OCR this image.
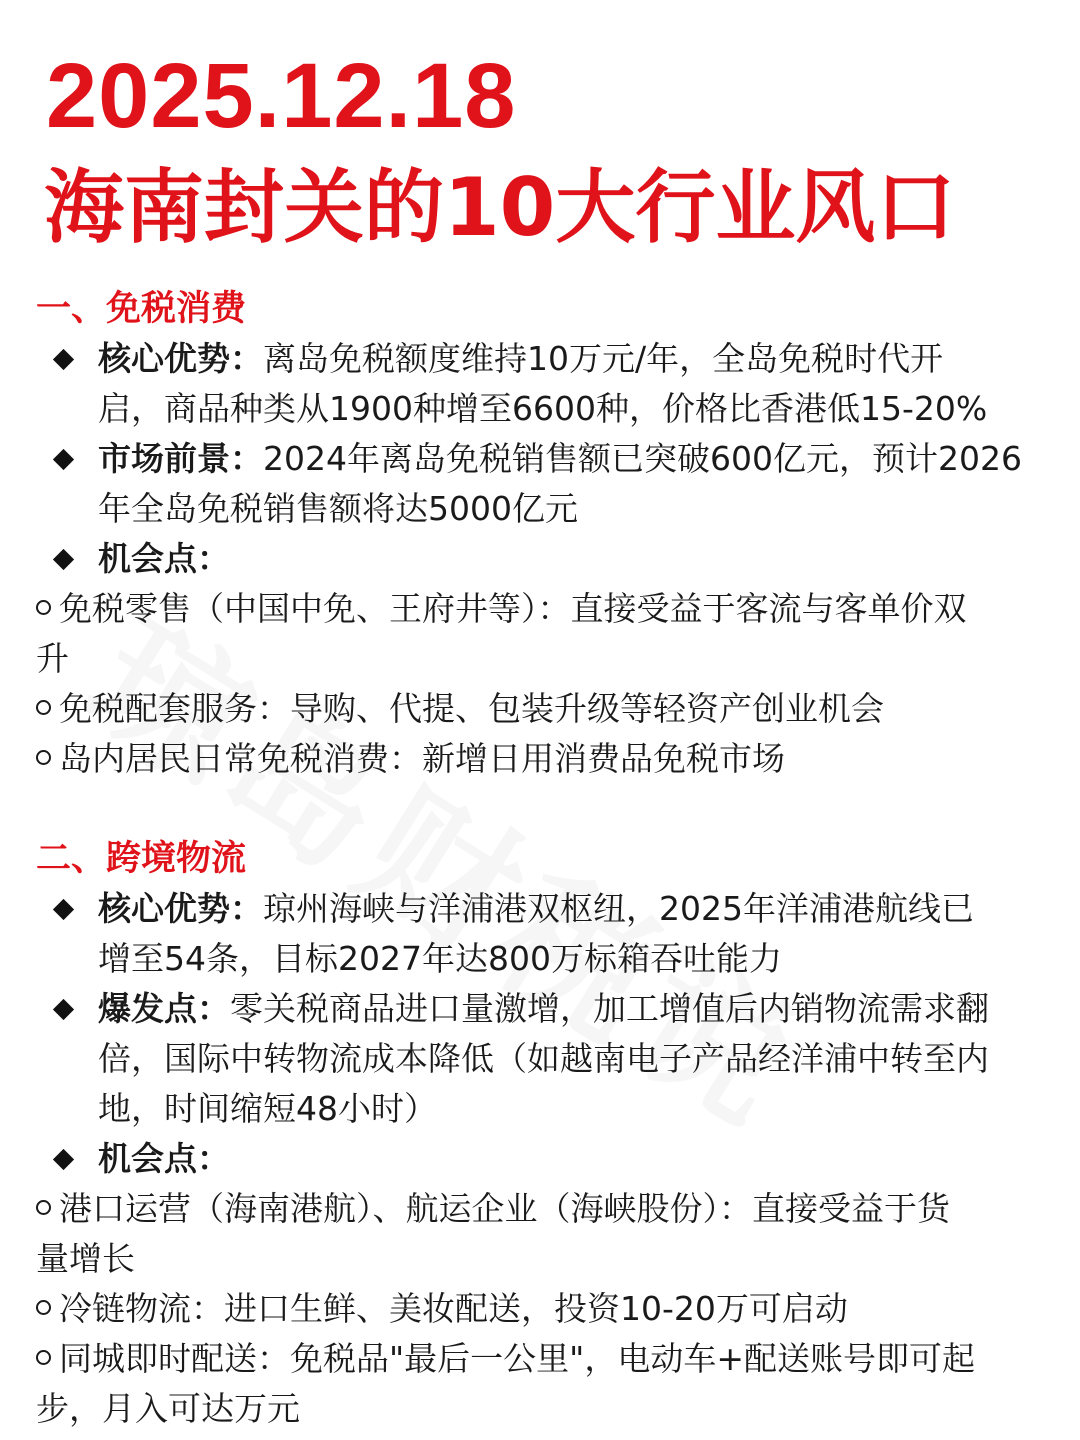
2025.12.18
海南封关的10大行业风口
一、免税消费
核心优势：离岛免税额度维持10万元/年，全岛免税时代开
启，商品种类从1900种增至6600种，价格比香港低15-20%
市场前景：2024年离岛免税销售额已突破600亿元，预计2026
年全岛免税销售额将达5000亿元
机会点：
免税零售（中国中免、王府井等）：直接受益于客流与客单价双
升
免税配套服务：导购、代提、包装升级等轻资产创业机会
岛内居民日常免税消费：新增日用消费品免税市场
二、跨境物流
核心优势：琼州海峡与洋浦港双枢纽，2025年洋浦港航线已
增至54条，目标2027年达800万标箱吞吐能力
爆发点：零关税商品进口量激增，加工增值后内销物流需求翻
倍，国际中转物流成本降低（如越南电子产品经洋浦中转至内
地，时间缩短48小时）
机会点：
港口运营（海南港航）、航运企业（海峡股份）：直接受益于货
量增长
冷链物流：进口生鲜、美妆配送，投资10-20万可启动
同城即时配送：免税品"最后一公里"，电动车+配送账号即可起
步，月入可达万元
